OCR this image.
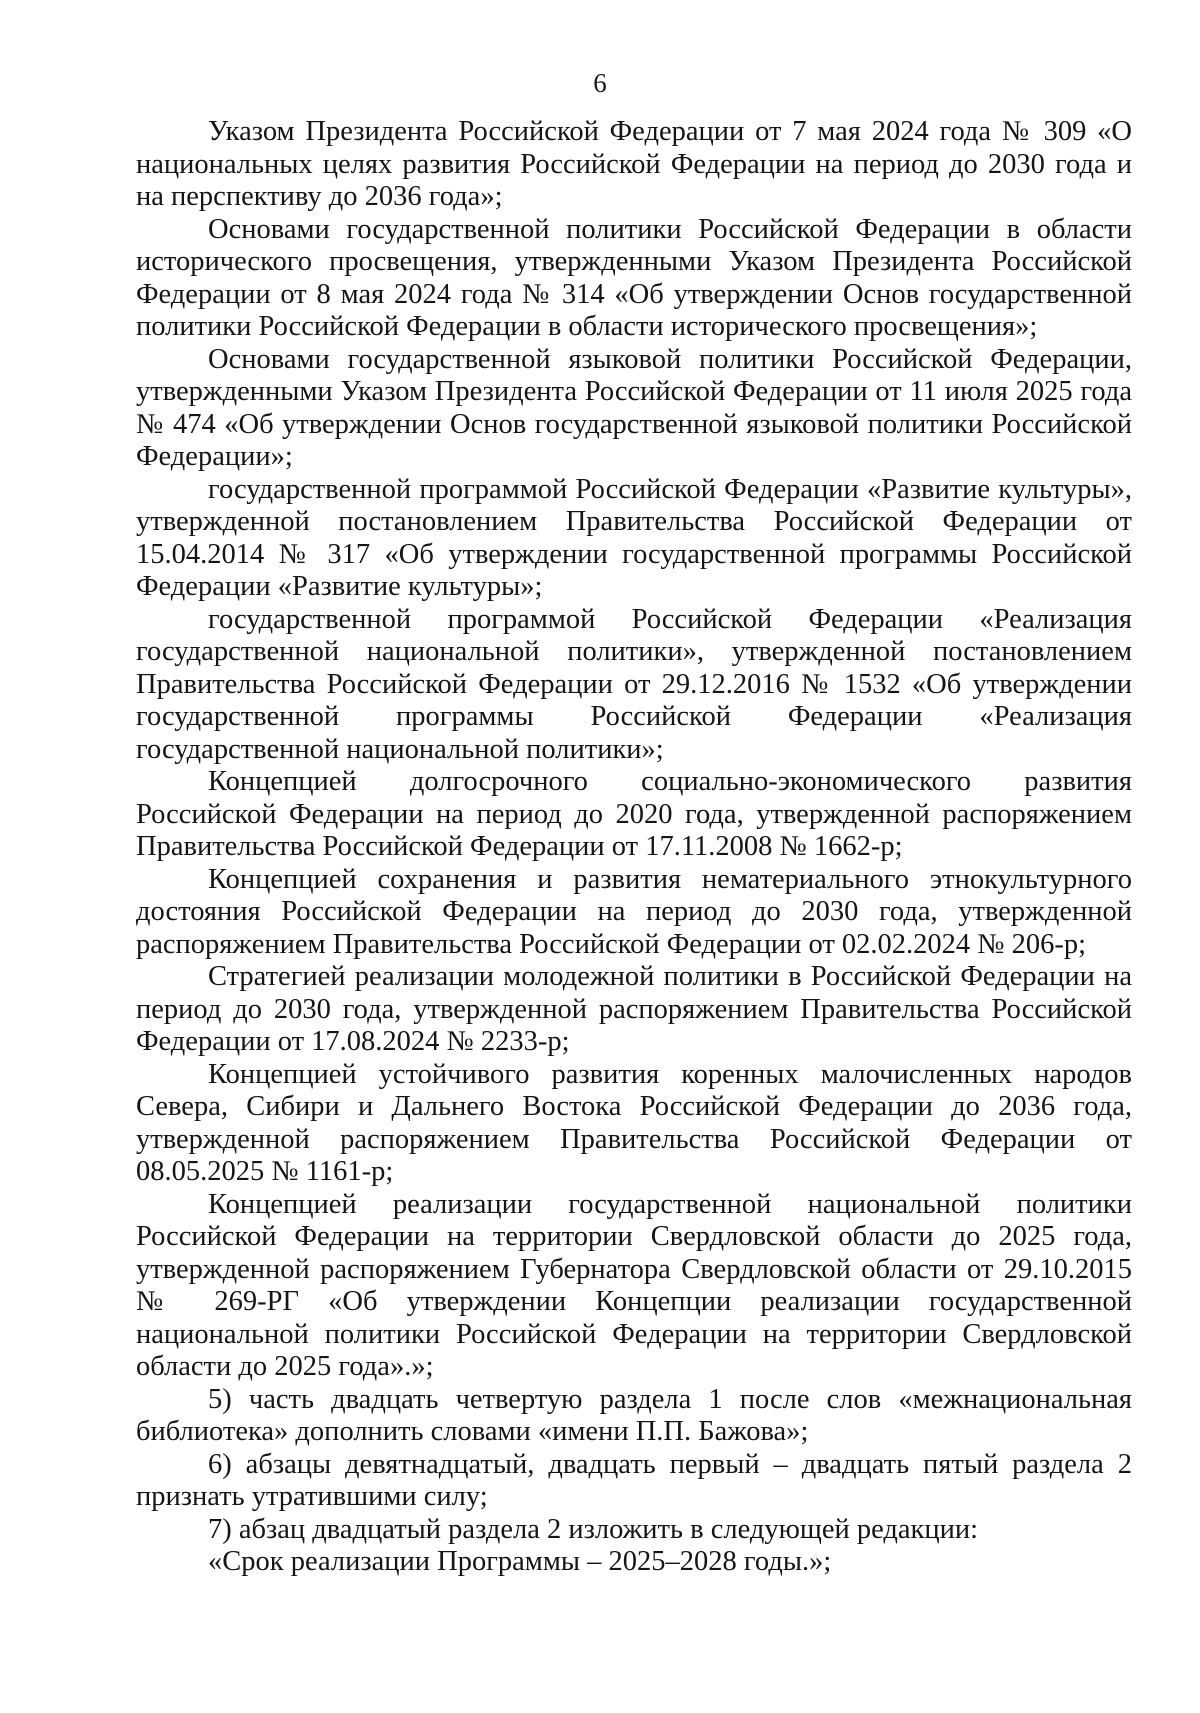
6

Указом Президента Российской Федерации от 7 мая 2024 года № 309 «О национальных целях развития Российской Федерации на период до 2030 года и на перспективу до 2036 года»;

Основами государственной политики Российской Федерации в области исторического просвещения, утвержденными Указом Президента Российской Федерации от 8 мая 2024 года № 314 «Об утверждении Основ государственной политики Российской Федерации в области исторического просвещения»;

Основами государственной языковой политики Российской Федерации, утвержденными Указом Президента Российской Федерации от 11 июля 2025 года № 474 «Об утверждении Основ государственной языковой политики Российской Федерации»;

государственной программой Российской Федерации «Развитие культуры», утвержденной постановлением Правительства Российской Федерации от 15.04.2014 № 317 «Об утверждении государственной программы Российской Федерации «Развитие культуры»;

государственной программой Российской Федерации «Реализация государственной национальной политики», утвержденной постановлением Правительства Российской Федерации от 29.12.2016 № 1532 «Об утверждении государственной программы Российской Федерации «Реализация государственной национальной политики»;

Концепцией долгосрочного социально-экономического развития Российской Федерации на период до 2020 года, утвержденной распоряжением Правительства Российской Федерации от 17.11.2008 № 1662-р;

Концепцией сохранения и развития нематериального этнокультурного достояния Российской Федерации на период до 2030 года, утвержденной распоряжением Правительства Российской Федерации от 02.02.2024 № 206-р;

Стратегией реализации молодежной политики в Российской Федерации на период до 2030 года, утвержденной распоряжением Правительства Российской Федерации от 17.08.2024 № 2233-р;

Концепцией устойчивого развития коренных малочисленных народов Севера, Сибири и Дальнего Востока Российской Федерации до 2036 года, утвержденной распоряжением Правительства Российской Федерации от 08.05.2025 № 1161-р;

Концепцией реализации государственной национальной политики Российской Федерации на территории Свердловской области до 2025 года, утвержденной распоряжением Губернатора Свердловской области от 29.10.2015 № 269-РГ «Об утверждении Концепции реализации государственной национальной политики Российской Федерации на территории Свердловской области до 2025 года».»;

5) часть двадцать четвертую раздела 1 после слов «межнациональная библиотека» дополнить словами «имени П.П. Бажова»;

6) абзацы девятнадцатый, двадцать первый – двадцать пятый раздела 2 признать утратившими силу;

7) абзац двадцатый раздела 2 изложить в следующей редакции:

«Срок реализации Программы – 2025–2028 годы.»;
